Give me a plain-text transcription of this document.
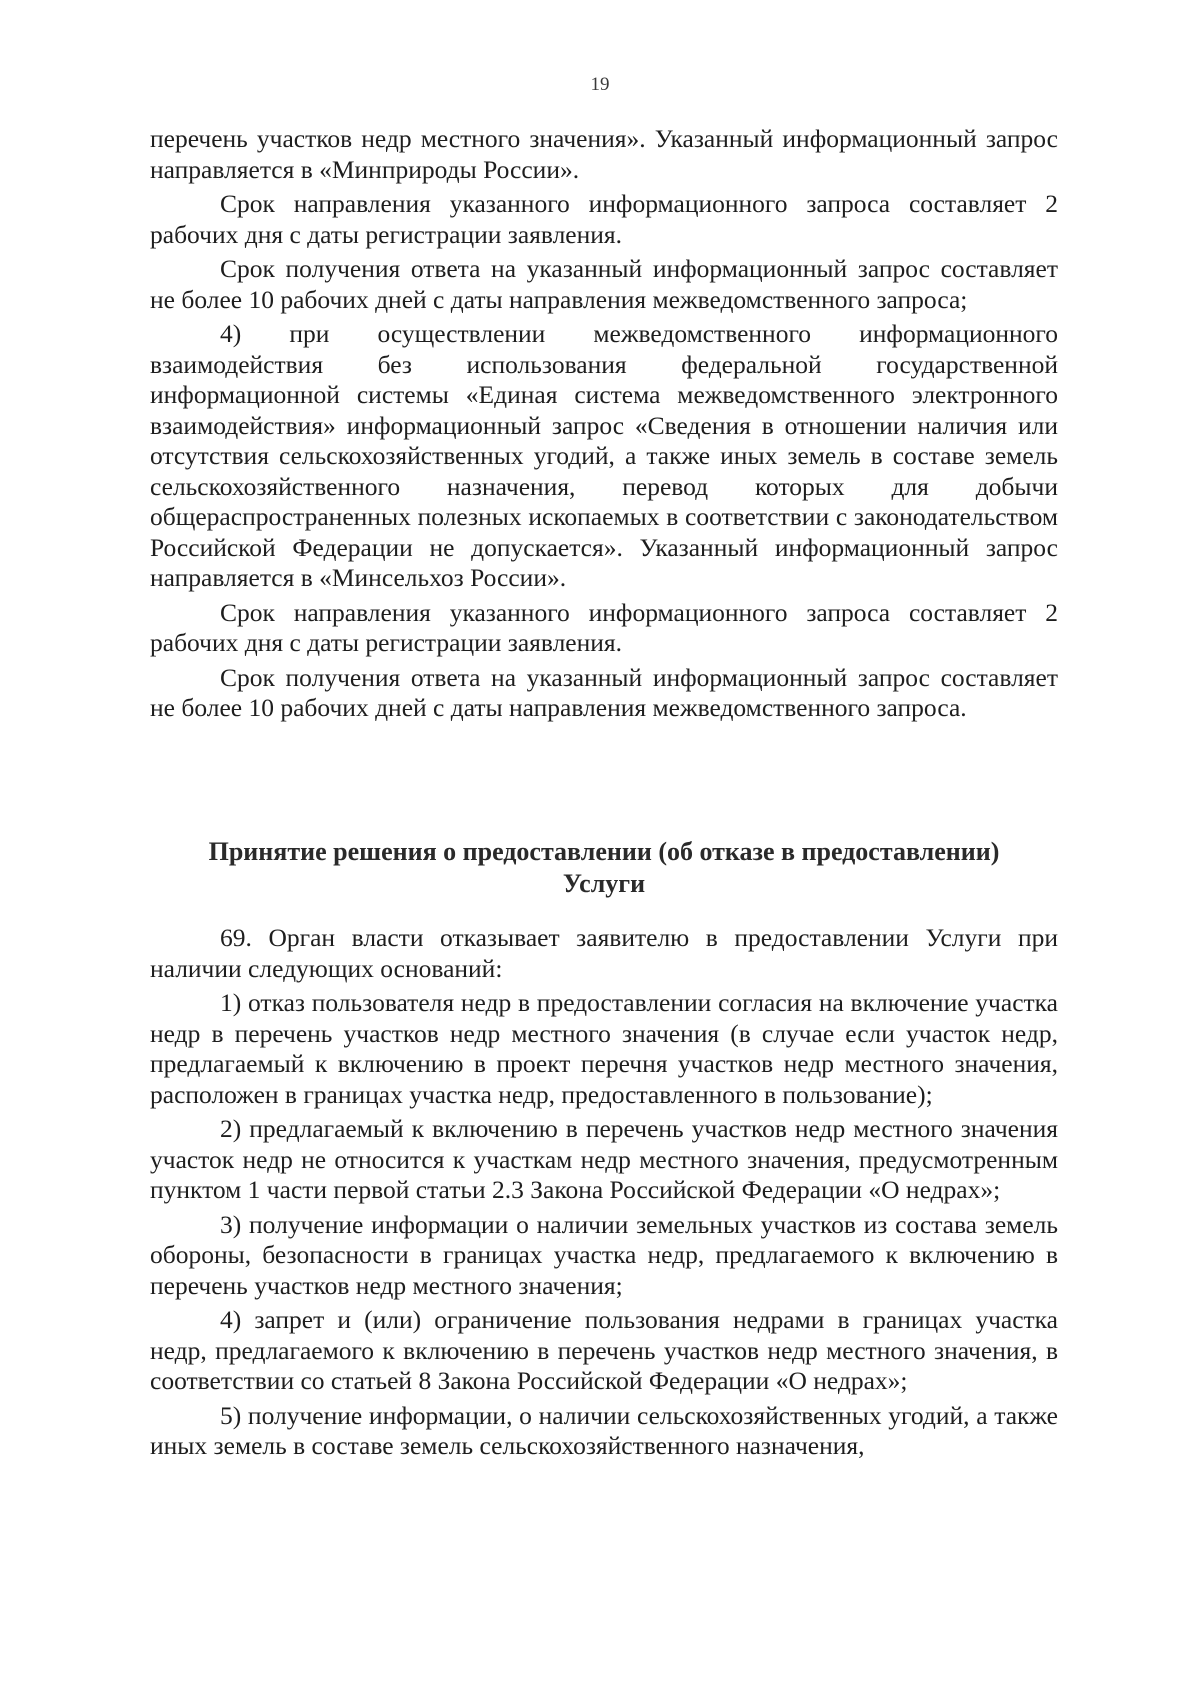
19

перечень участков недр местного значения». Указанный информационный запрос направляется в «Минприроды России».

Срок направления указанного информационного запроса составляет 2 рабочих дня с даты регистрации заявления.

Срок получения ответа на указанный информационный запрос составляет не более 10 рабочих дней с даты направления межведомственного запроса;

4) при осуществлении межведомственного информационного взаимодействия без использования федеральной государственной информационной системы «Единая система межведомственного электронного взаимодействия» информационный запрос «Сведения в отношении наличия или отсутствия сельскохозяйственных угодий, а также иных земель в составе земель сельскохозяйственного назначения, перевод которых для добычи общераспространенных полезных ископаемых в соответствии с законодательством Российской Федерации не допускается». Указанный информационный запрос направляется в «Минсельхоз России».

Срок направления указанного информационного запроса составляет 2 рабочих дня с даты регистрации заявления.

Срок получения ответа на указанный информационный запрос составляет не более 10 рабочих дней с даты направления межведомственного запроса.

Принятие решения о предоставлении (об отказе в предоставлении)
Услуги

69. Орган власти отказывает заявителю в предоставлении Услуги при наличии следующих оснований:

1) отказ пользователя недр в предоставлении согласия на включение участка недр в перечень участков недр местного значения (в случае если участок недр, предлагаемый к включению в проект перечня участков недр местного значения, расположен в границах участка недр, предоставленного в пользование);

2) предлагаемый к включению в перечень участков недр местного значения участок недр не относится к участкам недр местного значения, предусмотренным пунктом 1 части первой статьи 2.3 Закона Российской Федерации «О недрах»;

3) получение информации о наличии земельных участков из состава земель обороны, безопасности в границах участка недр, предлагаемого к включению в перечень участков недр местного значения;

4) запрет и (или) ограничение пользования недрами в границах участка недр, предлагаемого к включению в перечень участков недр местного значения, в соответствии со статьей 8 Закона Российской Федерации «О недрах»;

5) получение информации, о наличии сельскохозяйственных угодий, а также иных земель в составе земель сельскохозяйственного назначения,
